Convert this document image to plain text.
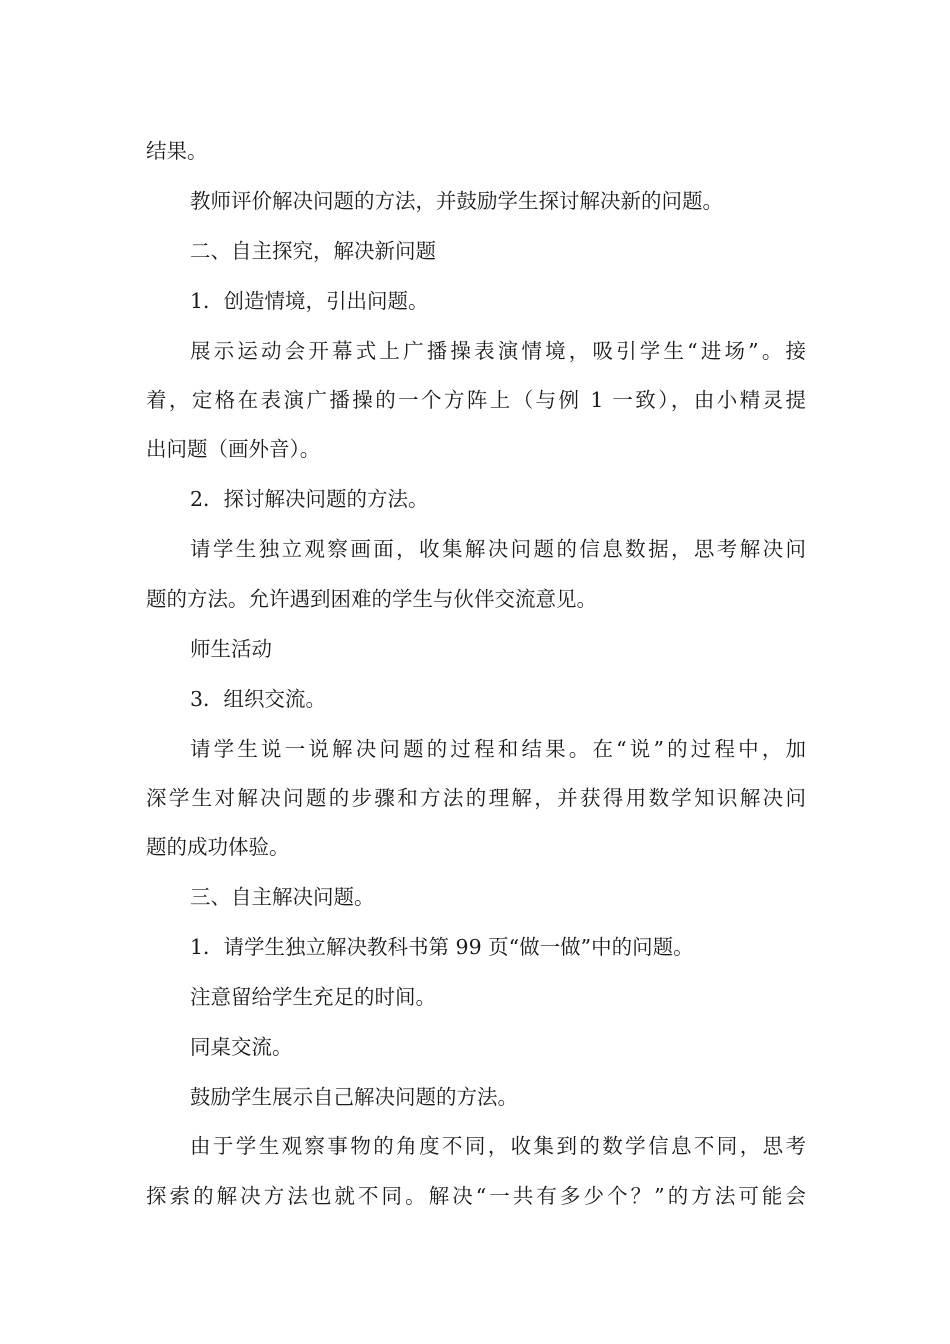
结果。
教师评价解决问题的方法，并鼓励学生探讨解决新的问题。
二、自主探究，解决新问题
1．创造情境，引出问题。
展示运动会开幕式上广播操表演情境，吸引学生“进场”。接
着，定格在表演广播操的一个方阵上（与例 1 一致），由小精灵提
出问题（画外音）。
2．探讨解决问题的方法。
请学生独立观察画面，收集解决问题的信息数据，思考解决问
题的方法。允许遇到困难的学生与伙伴交流意见。
师生活动
3．组织交流。
请学生说一说解决问题的过程和结果。在“说”的过程中，加
深学生对解决问题的步骤和方法的理解，并获得用数学知识解决问
题的成功体验。
三、自主解决问题。
1．请学生独立解决教科书第 99 页“做一做”中的问题。
注意留给学生充足的时间。
同桌交流。
鼓励学生展示自己解决问题的方法。
由于学生观察事物的角度不同，收集到的数学信息不同，思考
探索的解决方法也就不同。解决“一共有多少个？”的方法可能会
